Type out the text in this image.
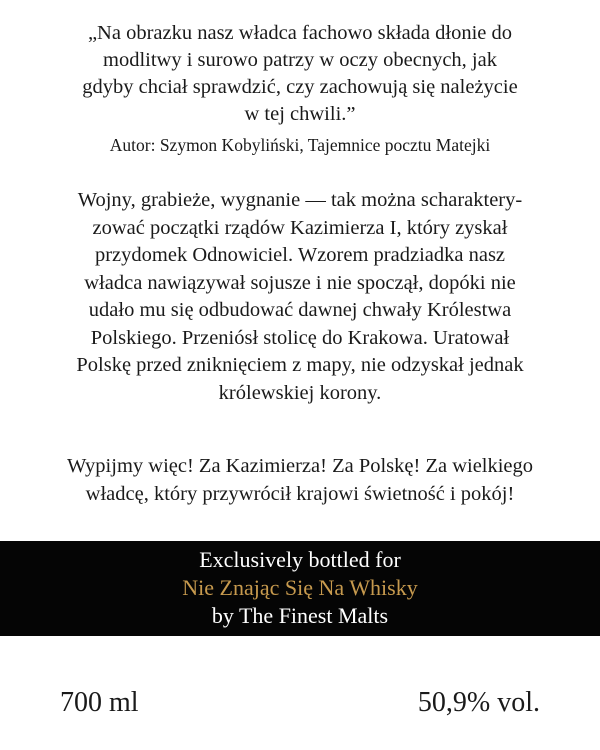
„Na obrazku nasz władca fachowo składa dłonie do
modlitwy i surowo patrzy w oczy obecnych, jak
gdyby chciał sprawdzić, czy zachowują się należycie
w tej chwili.”
Autor: Szymon Kobyliński, Tajemnice pocztu Matejki
Wojny, grabieże, wygnanie — tak można scharaktery-
zować początki rządów Kazimierza I, który zyskał
przydomek Odnowiciel. Wzorem pradziadka nasz
władca nawiązywał sojusze i nie spoczął, dopóki nie
udało mu się odbudować dawnej chwały Królestwa
Polskiego. Przeniósł stolicę do Krakowa. Uratował
Polskę przed zniknięciem z mapy, nie odzyskał jednak
królewskiej korony.
Wypijmy więc! Za Kazimierza! Za Polskę! Za wielkiego
władcę, który przywrócił krajowi świetność i pokój!
Exclusively bottled for
Nie Znając Się Na Whisky
by The Finest Malts
700 ml	50,9% vol.
